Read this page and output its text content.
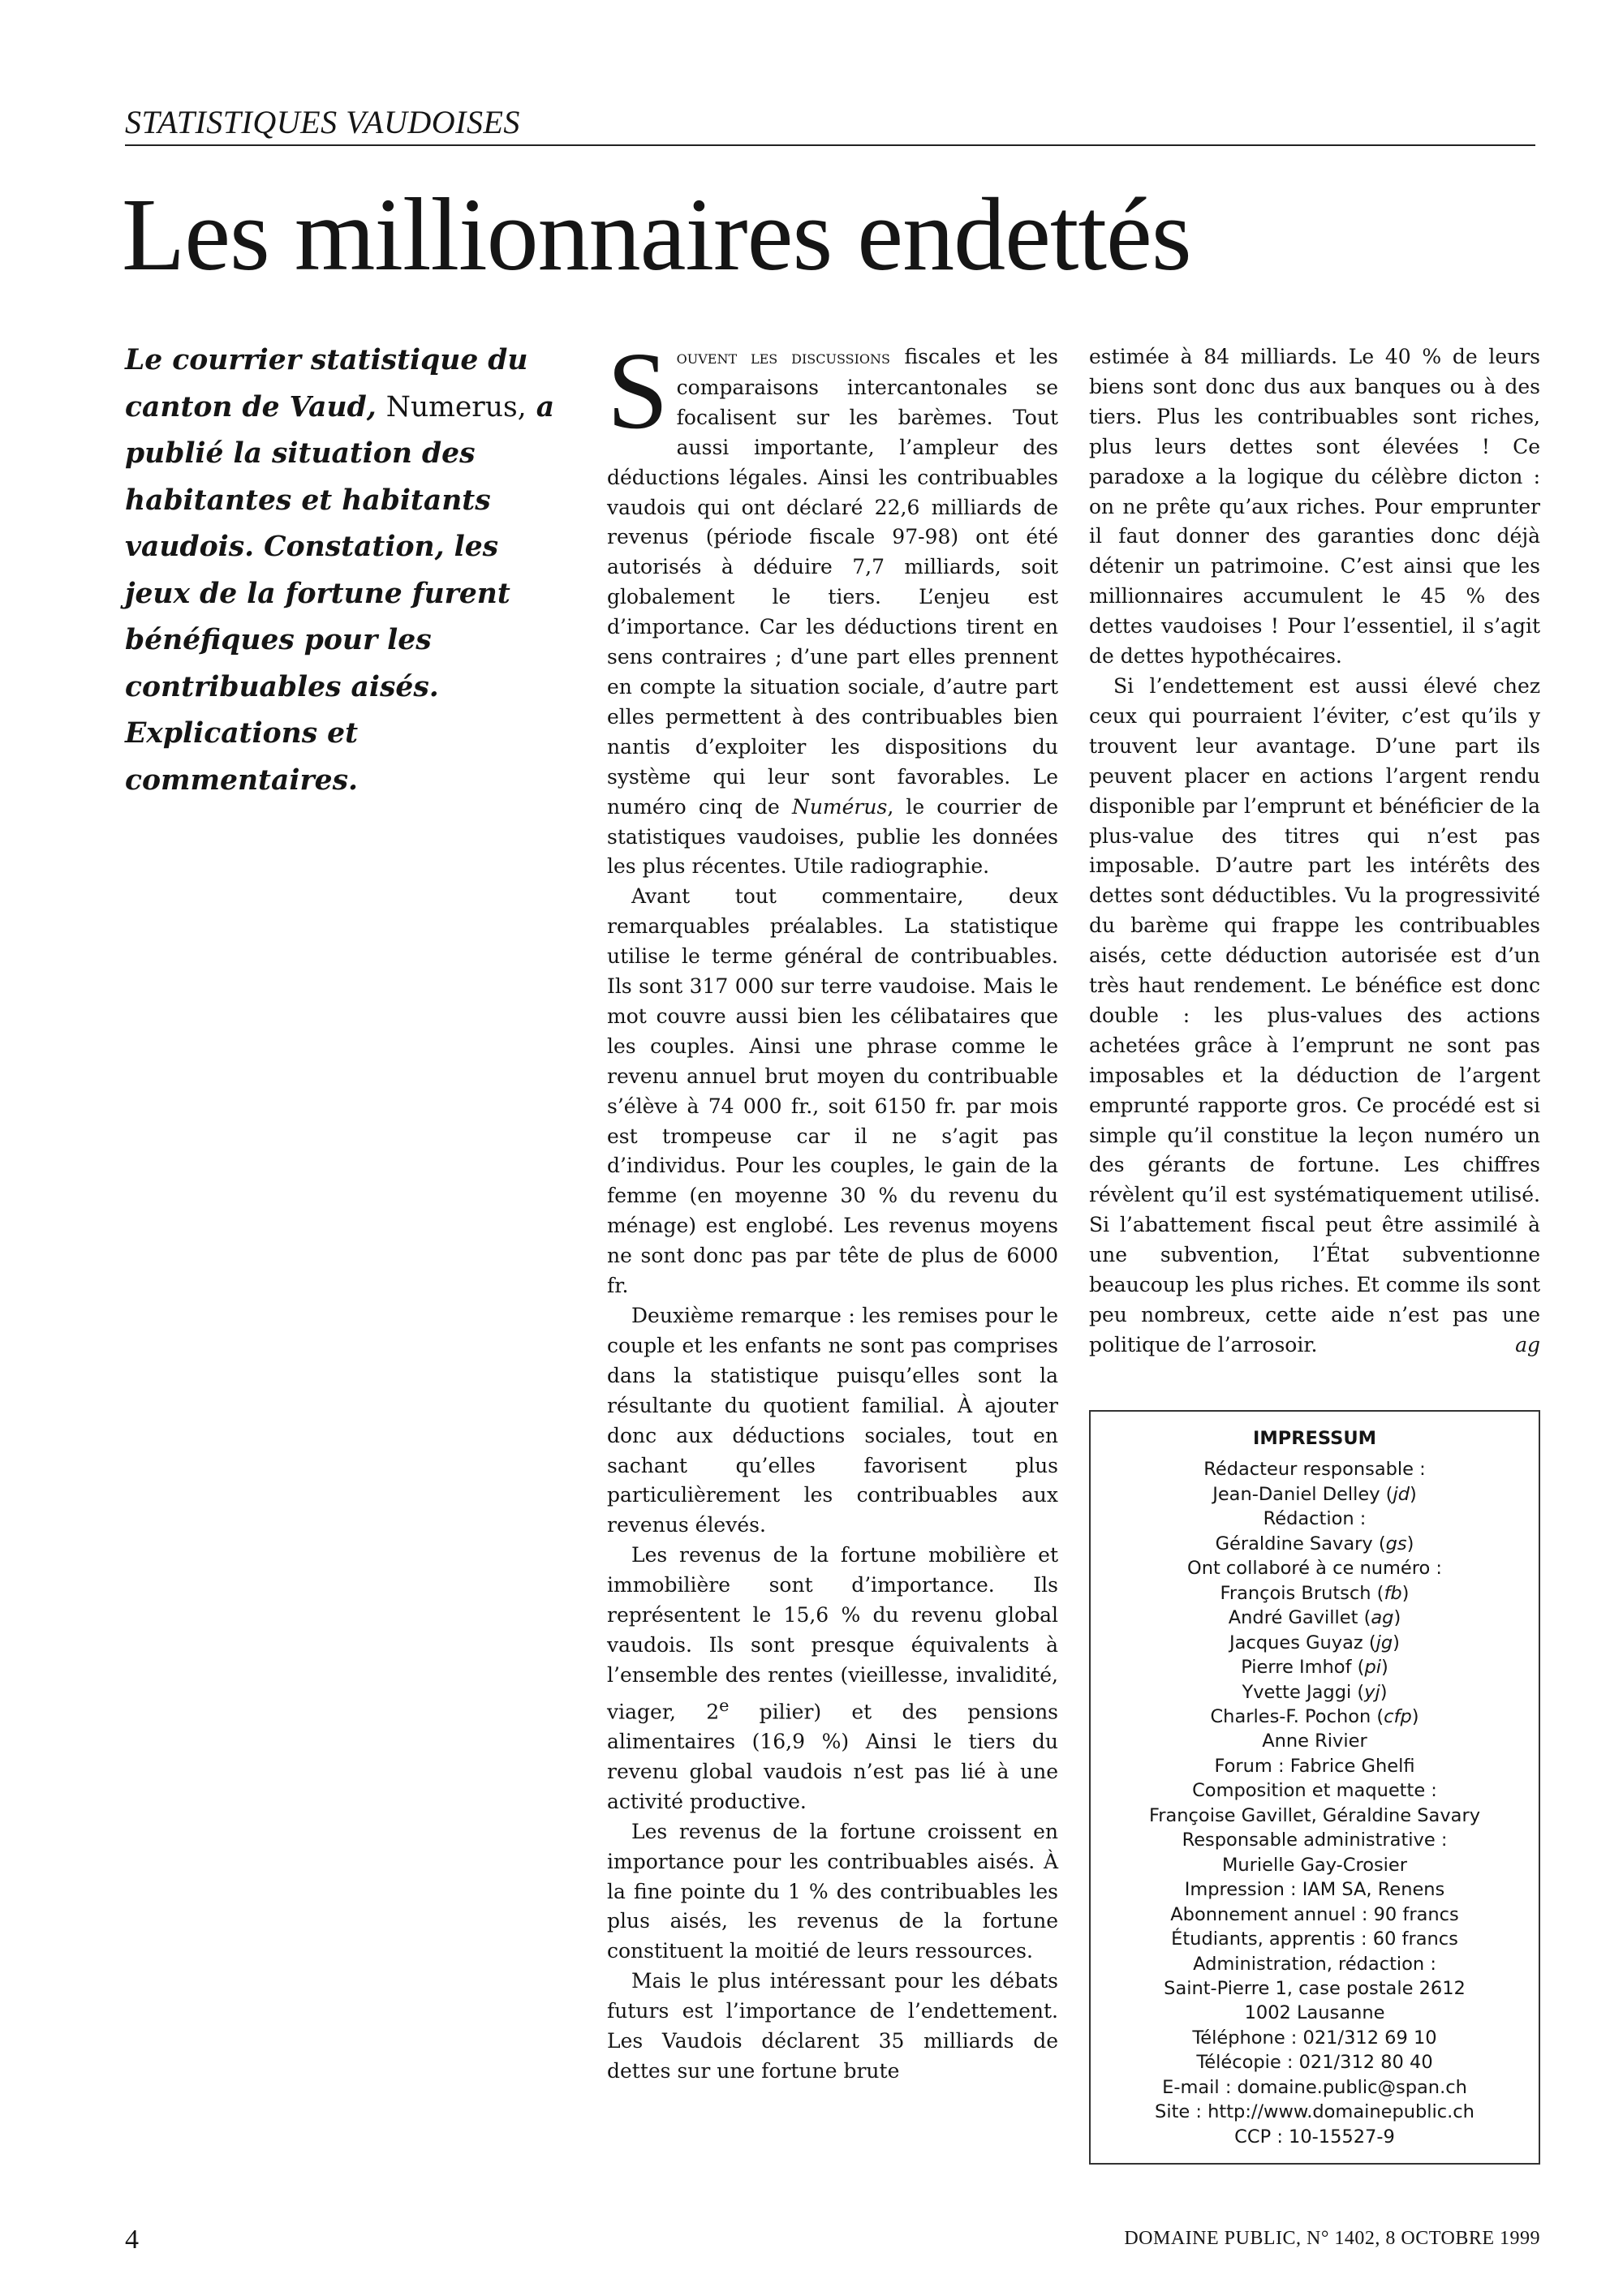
STATISTIQUES VAUDOISES
Les millionnaires endettés
Le courrier statistique du canton de Vaud, Numerus, a publié la situation des habitantes et habitants vaudois. Constation, les jeux de la fortune furent bénéfiques pour les contribuables aisés. Explications et commentaires.

Souvent les discussions fiscales et les comparaisons intercantonales se focalisent sur les barèmes. Tout aussi importante, l’ampleur des déductions légales. Ainsi les contribuables vaudois qui ont déclaré 22,6 milliards de revenus (période fiscale 97-98) ont été autorisés à déduire 7,7 milliards, soit globalement le tiers. L’enjeu est d’importance. Car les déductions tirent en sens contraires ; d’une part elles prennent en compte la situation sociale, d’autre part elles permettent à des contribuables bien nantis d’exploiter les dispositions du système qui leur sont favorables. Le numéro cinq de Numérus, le courrier de statistiques vaudoises, publie les données les plus récentes. Utile radiographie.

Avant tout commentaire, deux remarquables préalables. La statistique utilise le terme général de contribuables. Ils sont 317 000 sur terre vaudoise. Mais le mot couvre aussi bien les célibataires que les couples. Ainsi une phrase comme le revenu annuel brut moyen du contribuable s’élève à 74 000 fr., soit 6150 fr. par mois est trompeuse car il ne s’agit pas d’individus. Pour les couples, le gain de la femme (en moyenne 30 % du revenu du ménage) est englobé. Les revenus moyens ne sont donc pas par tête de plus de 6000 fr.

Deuxième remarque : les remises pour le couple et les enfants ne sont pas comprises dans la statistique puisqu’elles sont la résultante du quotient familial. À ajouter donc aux déductions sociales, tout en sachant qu’elles favorisent plus particulièrement les contribuables aux revenus élevés.

Les revenus de la fortune mobilière et immobilière sont d’importance. Ils représentent le 15,6 % du revenu global vaudois. Ils sont presque équivalents à l’ensemble des rentes (vieillesse, invalidité, viager, 2e pilier) et des pensions alimentaires (16,9 %) Ainsi le tiers du revenu global vaudois n’est pas lié à une activité productive.

Les revenus de la fortune croissent en importance pour les contribuables aisés. À la fine pointe du 1 % des contribuables les plus aisés, les revenus de la fortune constituent la moitié de leurs ressources.

Mais le plus intéressant pour les débats futurs est l’importance de l’endettement. Les Vaudois déclarent 35 milliards de dettes sur une fortune brute

estimée à 84 milliards. Le 40 % de leurs biens sont donc dus aux banques ou à des tiers. Plus les contribuables sont riches, plus leurs dettes sont élevées ! Ce paradoxe a la logique du célèbre dicton : on ne prête qu’aux riches. Pour emprunter il faut donner des garanties donc déjà détenir un patrimoine. C’est ainsi que les millionnaires accumulent le 45 % des dettes vaudoises ! Pour l’essentiel, il s’agit de dettes hypothécaires.

Si l’endettement est aussi élevé chez ceux qui pourraient l’éviter, c’est qu’ils y trouvent leur avantage. D’une part ils peuvent placer en actions l’argent rendu disponible par l’emprunt et bénéficier de la plus-value des titres qui n’est pas imposable. D’autre part les intérêts des dettes sont déductibles. Vu la progressivité du barème qui frappe les contribuables aisés, cette déduction autorisée est d’un très haut rendement. Le bénéfice est donc double : les plus-values des actions achetées grâce à l’emprunt ne sont pas imposables et la déduction de l’argent emprunté rapporte gros. Ce procédé est si simple qu’il constitue la leçon numéro un des gérants de fortune. Les chiffres révèlent qu’il est systématiquement utilisé. Si l’abattement fiscal peut être assimilé à une subvention, l’État subventionne beaucoup les plus riches. Et comme ils sont peu nombreux, cette aide n’est pas une politique de l’arrosoir.	ag

IMPRESSUM
Rédacteur responsable :
Jean-Daniel Delley (jd)
Rédaction :
Géraldine Savary (gs)
Ont collaboré à ce numéro :
François Brutsch (fb)
André Gavillet (ag)
Jacques Guyaz (jg)
Pierre Imhof (pi)
Yvette Jaggi (yj)
Charles-F. Pochon (cfp)
Anne Rivier
Forum : Fabrice Ghelfi
Composition et maquette :
Françoise Gavillet, Géraldine Savary
Responsable administrative :
Murielle Gay-Crosier
Impression : IAM SA, Renens
Abonnement annuel : 90 francs
Étudiants, apprentis : 60 francs
Administration, rédaction :
Saint-Pierre 1, case postale 2612
1002 Lausanne
Téléphone : 021/312 69 10
Télécopie : 021/312 80 40
E-mail : domaine.public@span.ch
Site : http://www.domainepublic.ch
CCP : 10-15527-9
4	DOMAINE PUBLIC, N° 1402, 8 OCTOBRE 1999
